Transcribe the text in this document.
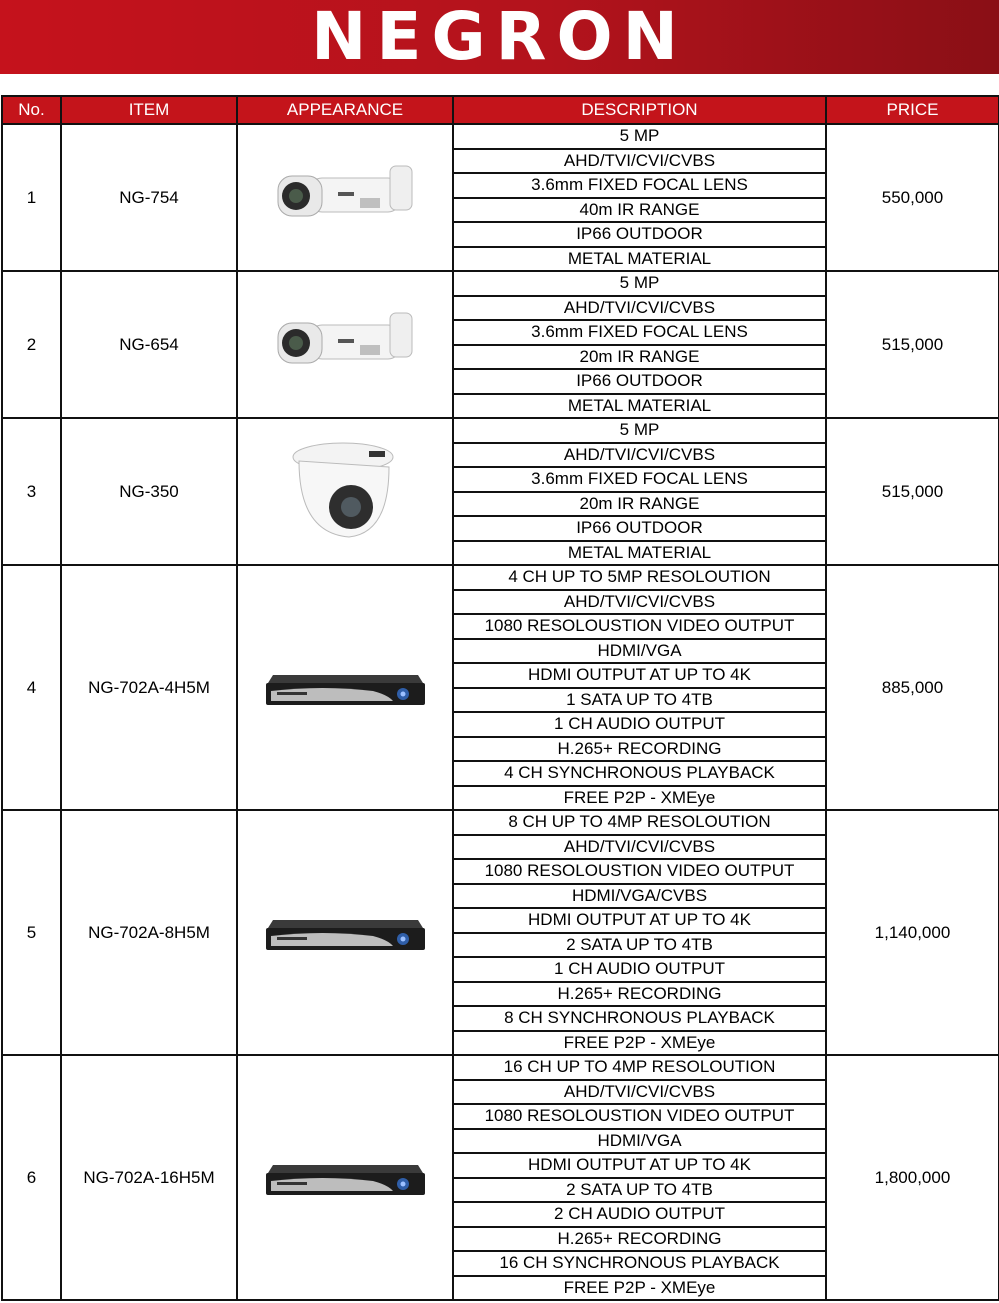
NEGRON
No.	ITEM	APPEARANCE	DESCRIPTION	PRICE
1	NG-754		5 MP	550,000
			AHD/TVI/CVI/CVBS	
			3.6mm FIXED FOCAL LENS	
			40m IR RANGE	
			IP66 OUTDOOR	
			METAL MATERIAL	
2	NG-654		5 MP	515,000
			AHD/TVI/CVI/CVBS	
			3.6mm FIXED FOCAL LENS	
			20m IR RANGE	
			IP66 OUTDOOR	
			METAL MATERIAL	
3	NG-350		5 MP	515,000
			AHD/TVI/CVI/CVBS	
			3.6mm FIXED FOCAL LENS	
			20m IR RANGE	
			IP66 OUTDOOR	
			METAL MATERIAL	
4	NG-702A-4H5M		4 CH UP TO 5MP RESOLOUTION	885,000
			AHD/TVI/CVI/CVBS	
			1080 RESOLOUSTION VIDEO OUTPUT	
			HDMI/VGA	
			HDMI OUTPUT AT UP TO 4K	
			1 SATA UP TO 4TB	
			1 CH AUDIO OUTPUT	
			H.265+ RECORDING	
			4 CH SYNCHRONOUS PLAYBACK	
			FREE P2P - XMEye	
5	NG-702A-8H5M		8 CH UP TO 4MP RESOLOUTION	1,140,000
			AHD/TVI/CVI/CVBS	
			1080 RESOLOUSTION VIDEO OUTPUT	
			HDMI/VGA/CVBS	
			HDMI OUTPUT AT UP TO 4K	
			2 SATA UP TO 4TB	
			1 CH AUDIO OUTPUT	
			H.265+ RECORDING	
			8 CH SYNCHRONOUS PLAYBACK	
			FREE P2P - XMEye	
6	NG-702A-16H5M		16 CH UP TO 4MP RESOLOUTION	1,800,000
			AHD/TVI/CVI/CVBS	
			1080 RESOLOUSTION VIDEO OUTPUT	
			HDMI/VGA	
			HDMI OUTPUT AT UP TO 4K	
			2 SATA UP TO 4TB	
			2 CH AUDIO OUTPUT	
			H.265+ RECORDING	
			16 CH SYNCHRONOUS PLAYBACK	
			FREE P2P - XMEye	
